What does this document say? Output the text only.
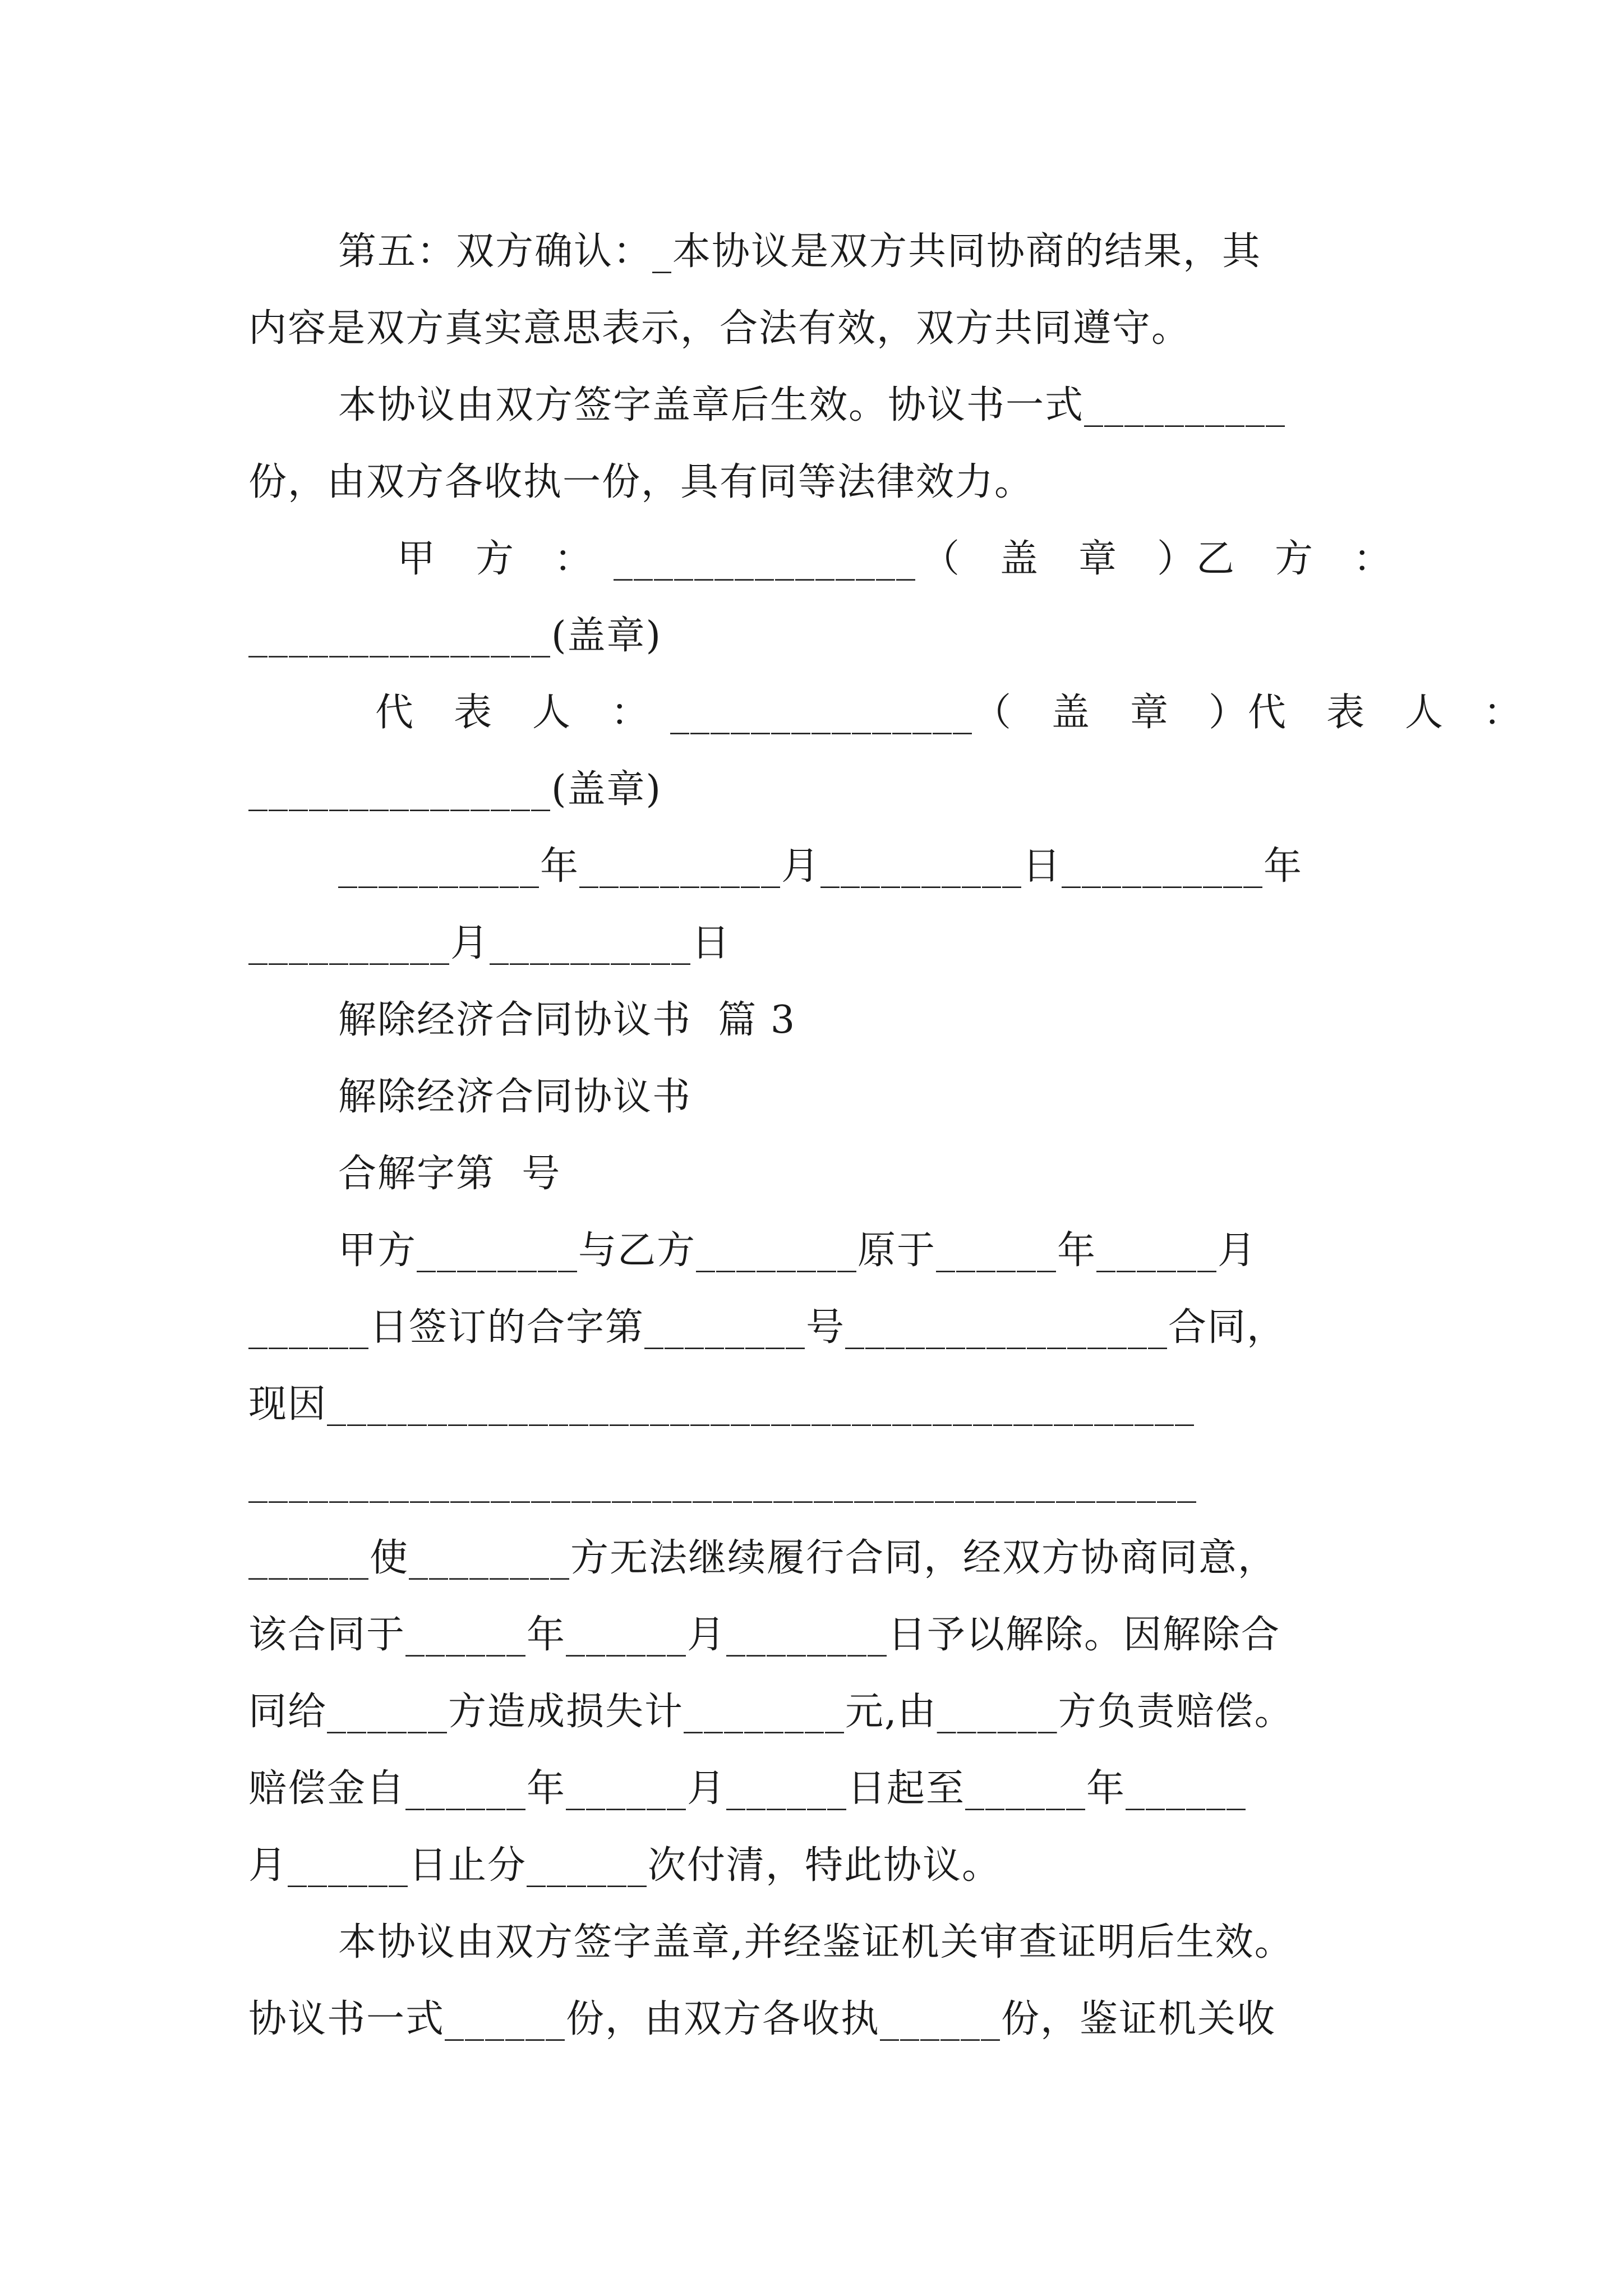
第五：双方确认：_本协议是双方共同协商的结果，其
内容是双方真实意思表示，合法有效，双方共同遵守。
本协议由双方签字盖章后生效。协议书一式__________
份，由双方各收执一份，具有同等法律效力。
甲　方　：　_______________ （　盖　章　）乙　方　：
_______________(盖章)
代　表　人　：　_______________ （　盖　章　）代　表　人　：
_______________(盖章)
__________年__________月__________日__________年
__________月__________日
解除经济合同协议书  篇 3
解除经济合同协议书
合解字第  号
甲方________与乙方________原于______年______月
______日签订的合字第________号________________合同，
现因___________________________________________
_______________________________________________
______使________方无法继续履行合同，经双方协商同意，
该合同于______年______月________日予以解除。因解除合
同给______方造成损失计________元,由______方负责赔偿。
赔偿金自______年______月______日起至______年______
月______日止分______次付清，特此协议。
本协议由双方签字盖章,并经鉴证机关审查证明后生效。
协议书一式______份，由双方各收执______份，鉴证机关收
